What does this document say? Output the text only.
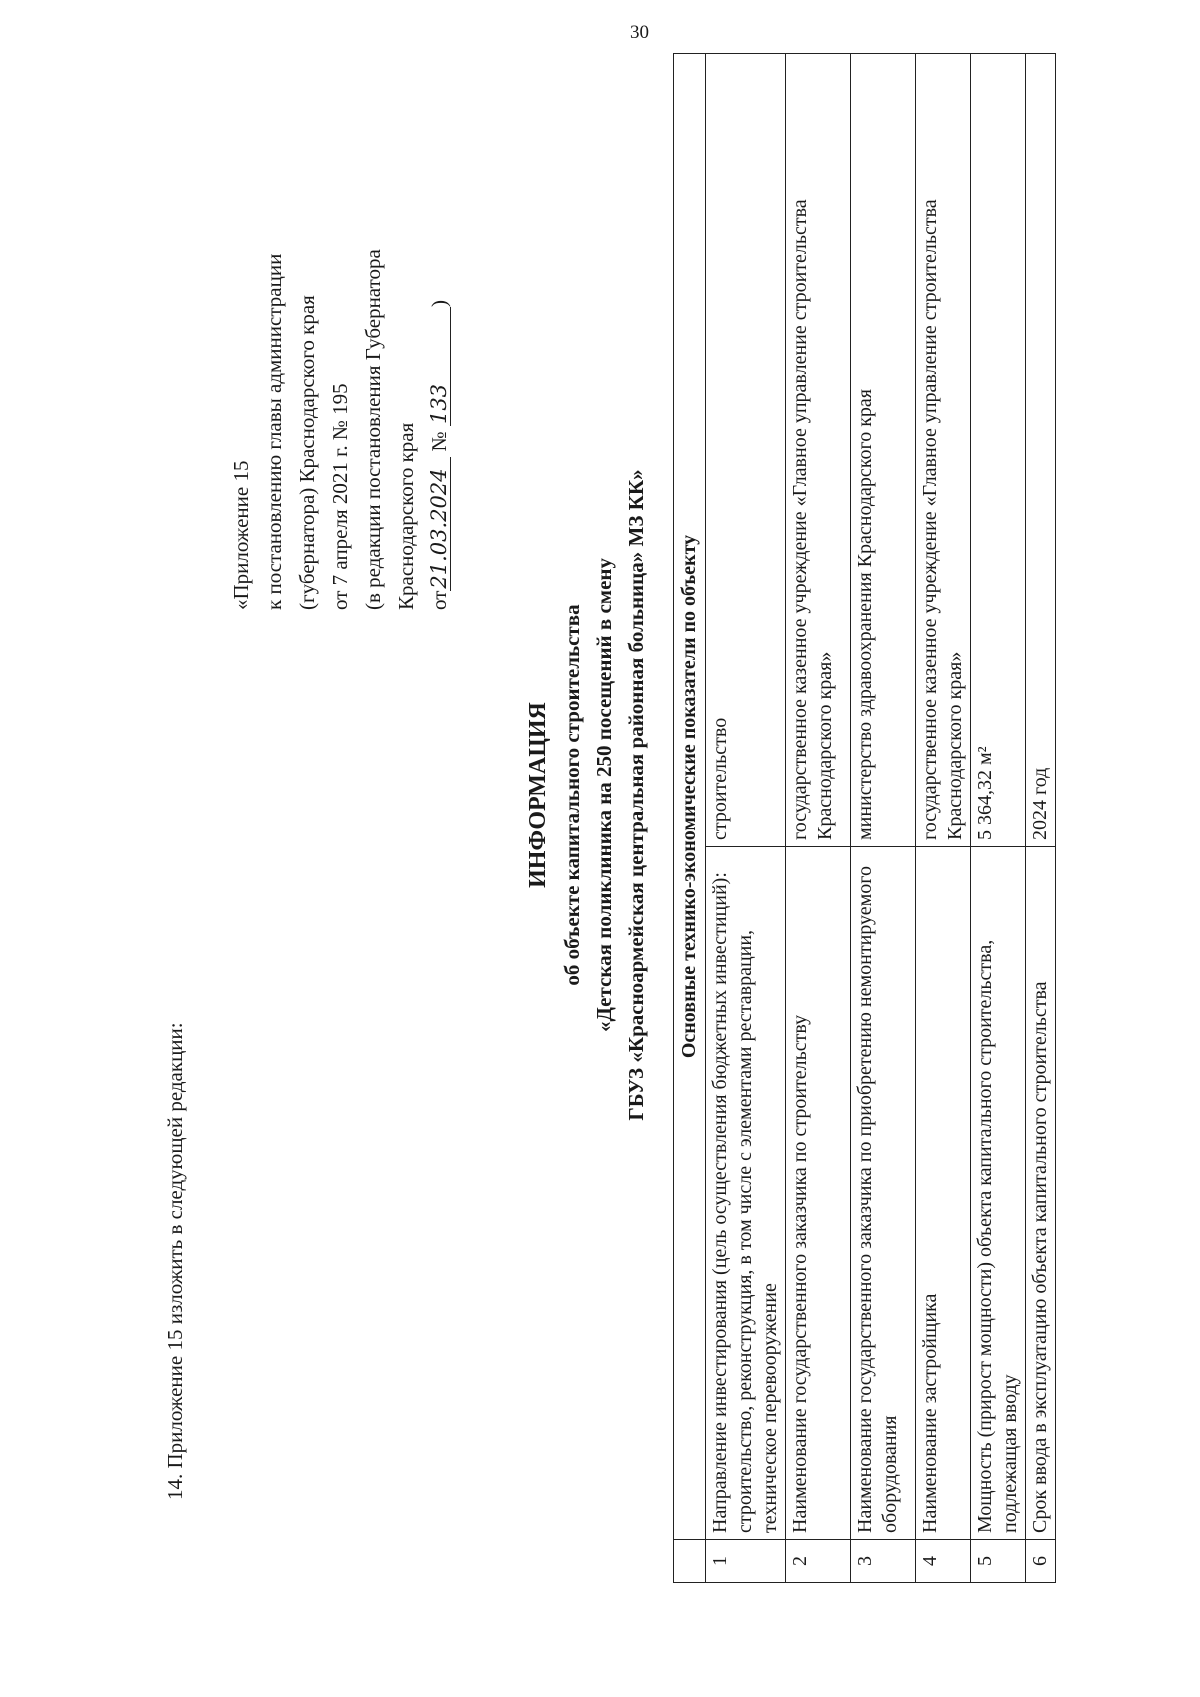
30
14. Приложение 15 изложить в следующей редакции:
«Приложение 15 к постановлению главы администрации (губернатора) Краснодарского края от 7 апреля 2021 г. № 195 (в редакции постановления Губернатора Краснодарского края от21.03.2024 № 133)
ИНФОРМАЦИЯ об объекте капитального строительства «Детская поликлиника на 250 посещений в смену ГБУЗ «Красноармейская центральная районная больница» МЗ КК»
	Основные технико-экономические показатели по объекту	
1	Направление инвестирования (цель осуществления бюджетных инвестиций): строительство, реконструкция, в том числе с элементами реставрации, техническое перевооружение	строительство
2	Наименование государственного заказчика по строительству	государственное казенное учреждение «Главное управление строительства Краснодарского края»
3	Наименование государственного заказчика по приобретению немонтируемого оборудования	министерство здравоохранения Краснодарского края
4	Наименование застройщика	государственное казенное учреждение «Главное управление строительства Краснодарского края»
5	Мощность (прирост мощности) объекта капитального строительства, подлежащая вводу	5 364,32 м²
6	Срок ввода в эксплуатацию объекта капитального строительства	2024 год
